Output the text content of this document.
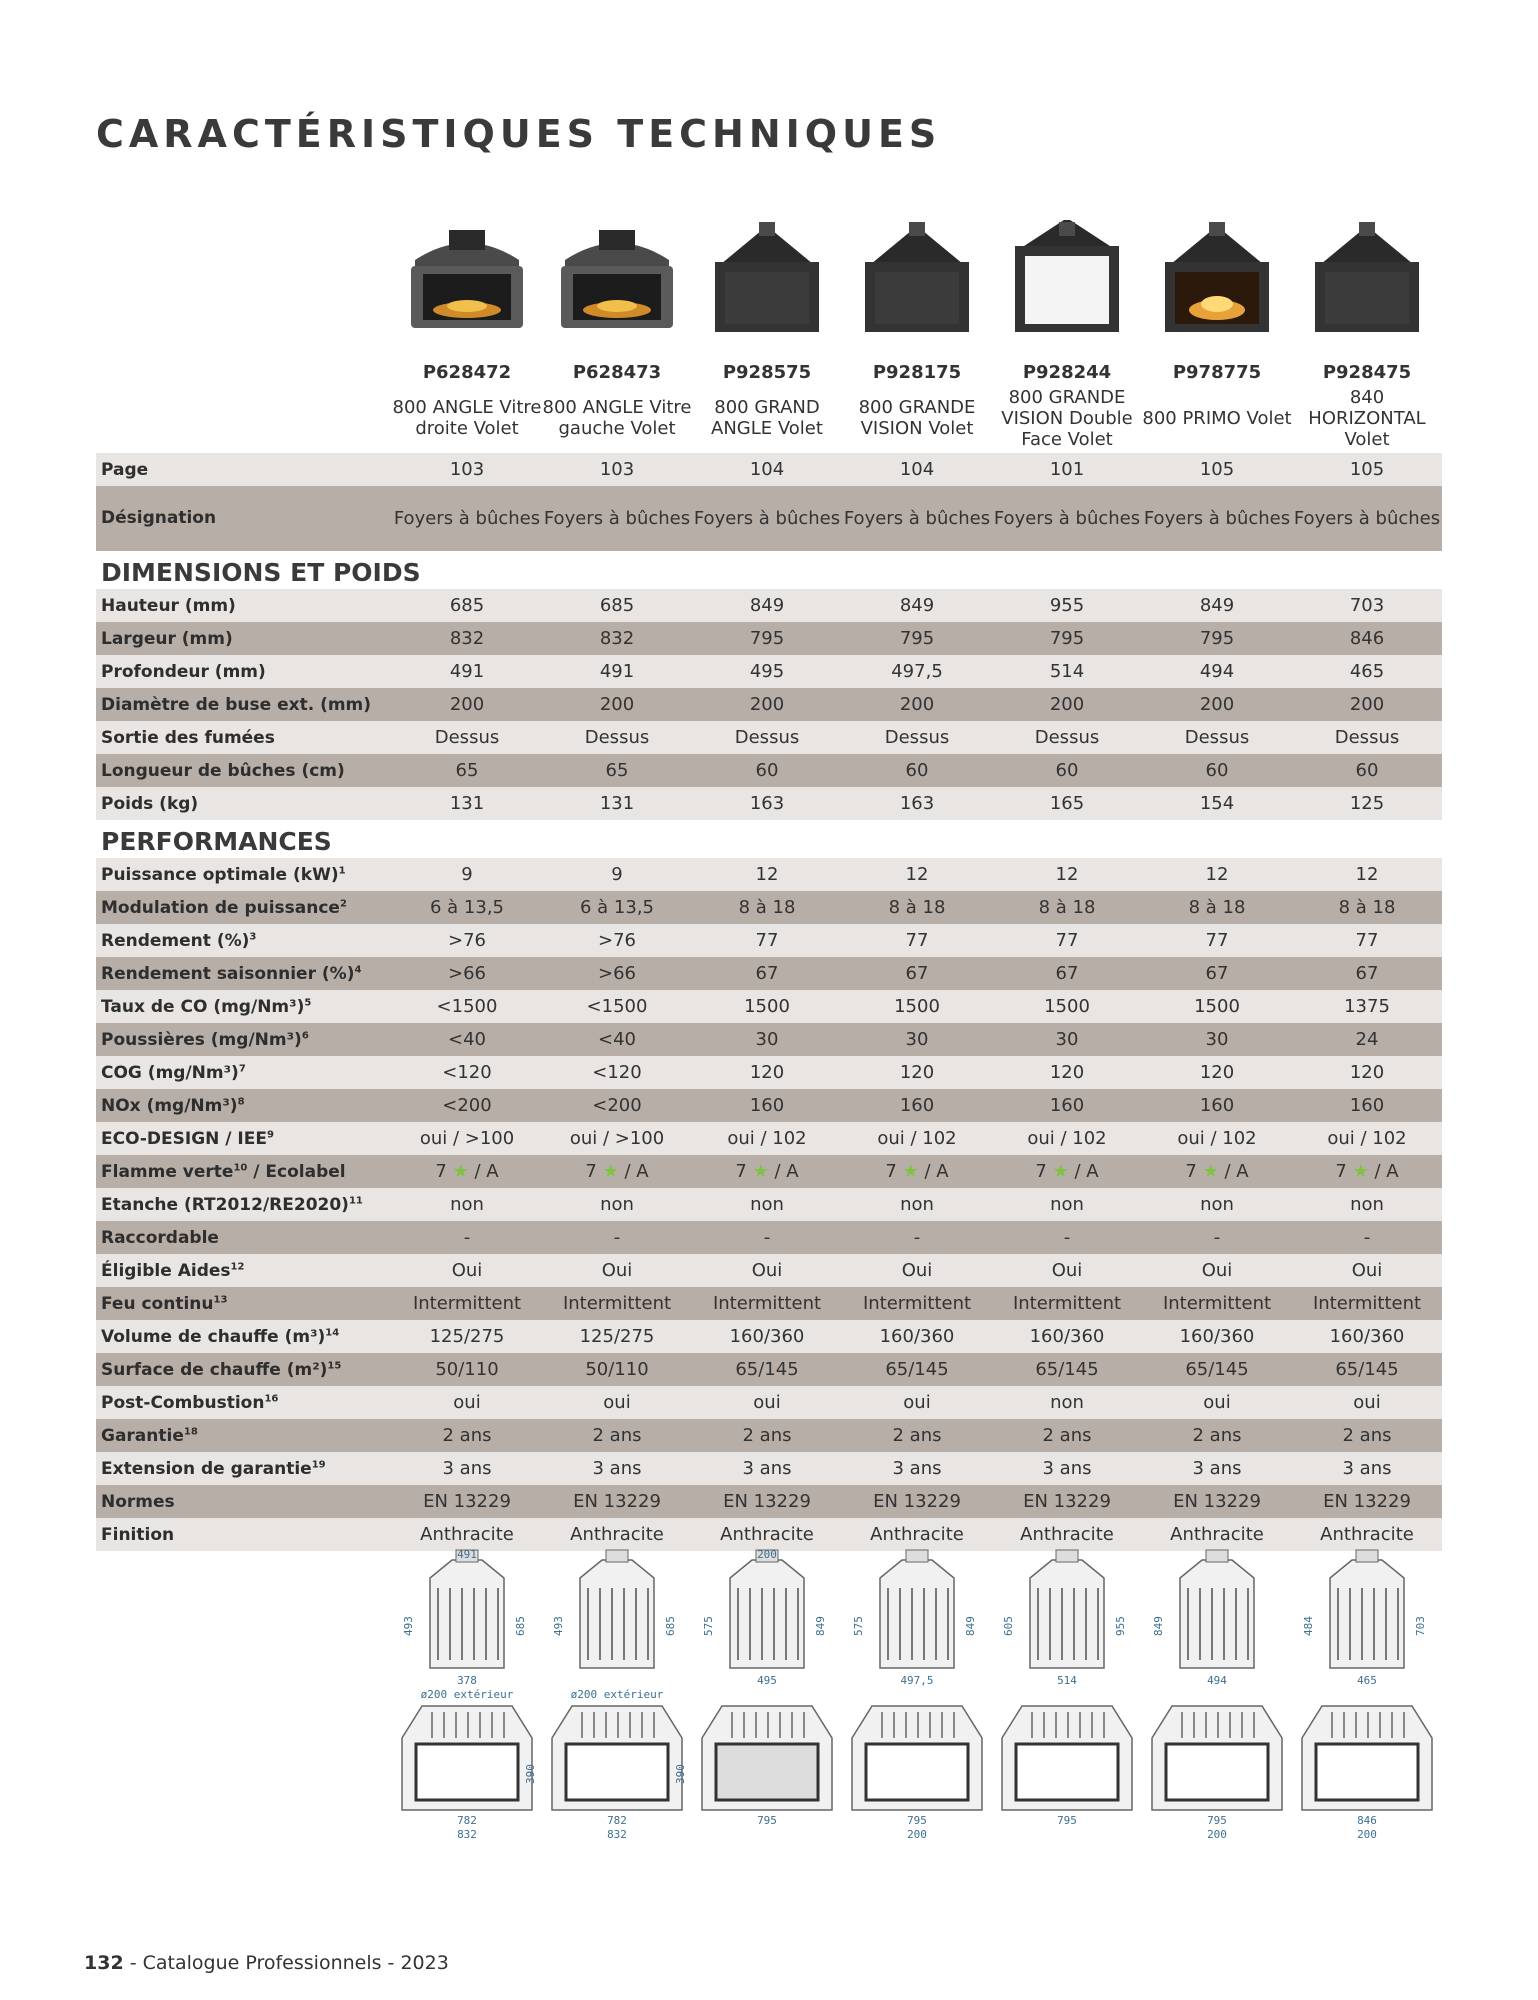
CARACTÉRISTIQUES TECHNIQUES

	P628472	P628473	P928575	P928175	P928244	P978775	P928475
	800 ANGLE Vitre droite Volet	800 ANGLE Vitre gauche Volet	800 GRAND ANGLE Volet	800 GRANDE VISION Volet	800 GRANDE VISION Double Face Volet	800 PRIMO Volet	840 HORIZONTAL Volet
Page	103	103	104	104	101	105	105
Désignation	Foyers à bûches	Foyers à bûches	Foyers à bûches	Foyers à bûches	Foyers à bûches	Foyers à bûches	Foyers à bûches
DIMENSIONS ET POIDS							
Hauteur (mm)	685	685	849	849	955	849	703
Largeur (mm)	832	832	795	795	795	795	846
Profondeur (mm)	491	491	495	497,5	514	494	465
Diamètre de buse ext. (mm)	200	200	200	200	200	200	200
Sortie des fumées	Dessus	Dessus	Dessus	Dessus	Dessus	Dessus	Dessus
Longueur de bûches (cm)	65	65	60	60	60	60	60
Poids (kg)	131	131	163	163	165	154	125
PERFORMANCES							
Puissance optimale (kW)$^1$	9	9	12	12	12	12	12
Modulation de puissance$^2$	6 à 13,5	6 à 13,5	8 à 18	8 à 18	8 à 18	8 à 18	8 à 18
Rendement (%)$^3$	>76	>76	77	77	77	77	77
Rendement saisonnier (%)$^4$	>66	>66	67	67	67	67	67
Taux de CO $(mg/Nm^3)^5$	<1500	<1500	1500	1500	1500	1500	1375
Poussières $(mg/Nm^3)^6$	<40	<40	30	30	30	30	24
COG $(mg/Nm^3)^7$	<120	<120	120	120	120	120	120
NOx $(mg/Nm^3)^8$	<200	<200	160	160	160	160	160
ECO-DESIGN / IEE$^9$	oui / >100	oui / >100	oui / 102	oui / 102	oui / 102	oui / 102	oui / 102
Flamme verte$^{10}$ / Ecolabel	7 ★ / A	7 ★ / A	7 ★ / A	7 ★ / A	7 ★ / A	7 ★ / A	7 ★ / A
Etanche $(RT2012/RE2020)^{11}$	non	non	non	non	non	non	non
Raccordable	-	-	-	-	-	-	-
Éligible Aides$^{12}$	Oui	Oui	Oui	Oui	Oui	Oui	Oui
Feu continu$^{13}$	Intermittent	Intermittent	Intermittent	Intermittent	Intermittent	Intermittent	Intermittent
Volume de chauffe $(m^3)^{14}$	125/275	125/275	160/360	160/360	160/360	160/360	160/360
Surface de chauffe $(m^2)^{15}$	50/110	50/110	65/145	65/145	65/145	65/145	65/145
Post-Combustion$^{16}$	oui	oui	oui	oui	non	oui	oui
Garantie$^{18}$	2 ans	2 ans	2 ans	2 ans	2 ans	2 ans	2 ans
Extension de garantie$^{19}$	3 ans	3 ans	3 ans	3 ans	3 ans	3 ans	3 ans
Normes	EN 13229	EN 13229	EN 13229	EN 13229	EN 13229	EN 13229	EN 13229
Finition	Anthracite	Anthracite	Anthracite	Anthracite	Anthracite	Anthracite	Anthracite
491
378
ø200 extérieur
493	685
390
782
832
ø200 extérieur
493	685
390
782
832
200
495
575	849
795
497,5
575	849
795
200
514
605	955
795
494
849
795
200
465
484	703
846
200
132 - Catalogue Professionnels - 2023
